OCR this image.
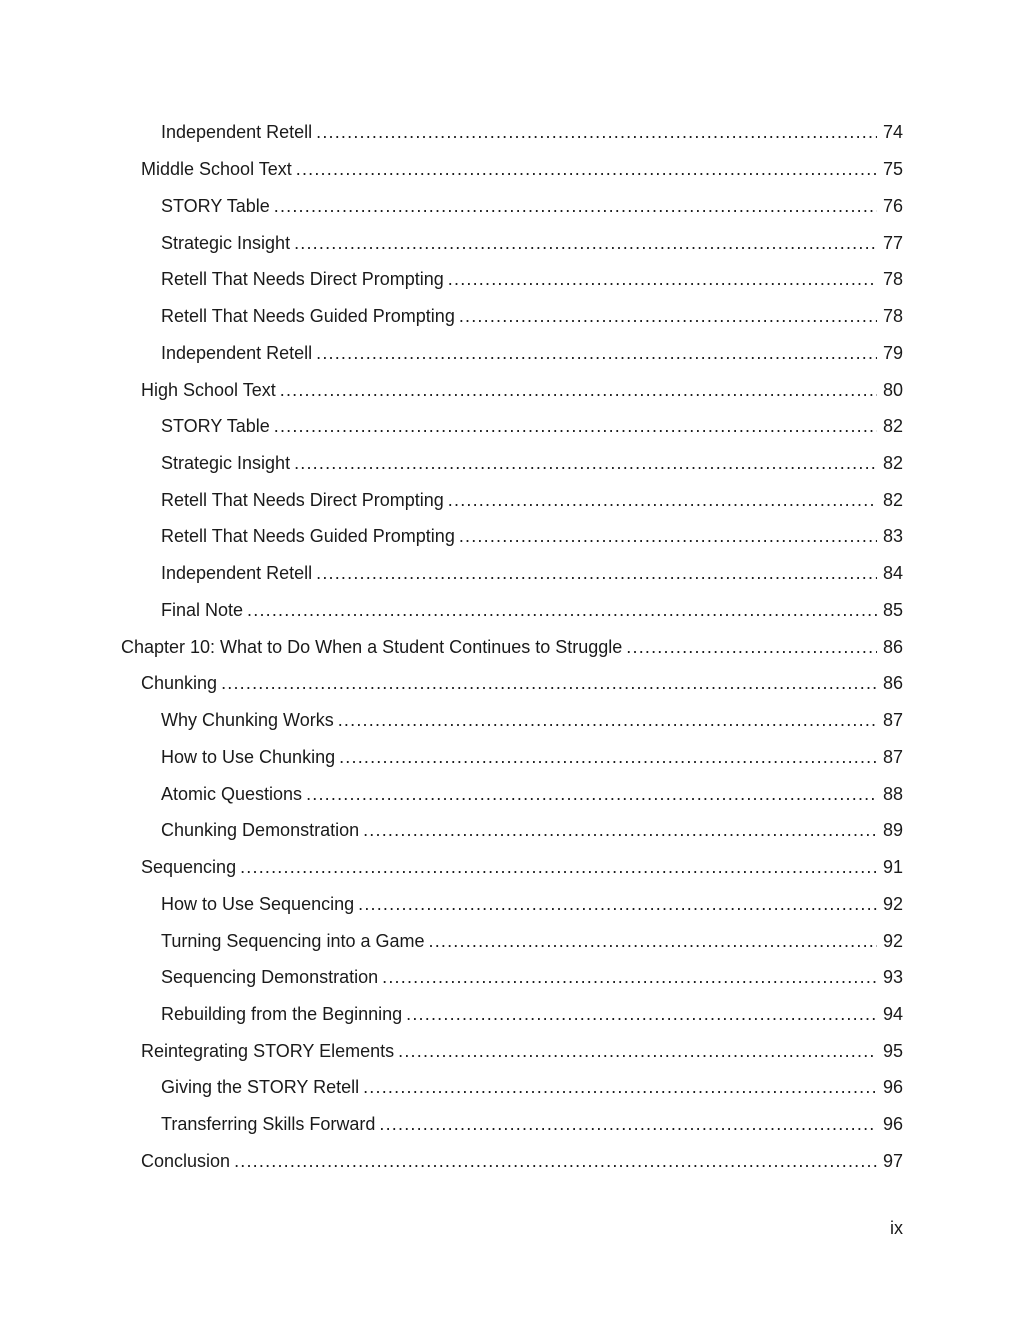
Independent Retell .....	74
Middle School Text .....	75
STORY Table .....	76
Strategic Insight .....	77
Retell That Needs Direct Prompting .....	78
Retell That Needs Guided Prompting .....	78
Independent Retell .....	79
High School Text .....	80
STORY Table .....	82
Strategic Insight .....	82
Retell That Needs Direct Prompting .....	82
Retell That Needs Guided Prompting .....	83
Independent Retell .....	84
Final Note .....	85
Chapter 10: What to Do When a Student Continues to Struggle .....	86
Chunking .....	86
Why Chunking Works .....	87
How to Use Chunking .....	87
Atomic Questions .....	88
Chunking Demonstration .....	89
Sequencing .....	91
How to Use Sequencing .....	92
Turning Sequencing into a Game .....	92
Sequencing Demonstration .....	93
Rebuilding from the Beginning .....	94
Reintegrating STORY Elements .....	95
Giving the STORY Retell .....	96
Transferring Skills Forward .....	96
Conclusion .....	97
ix
